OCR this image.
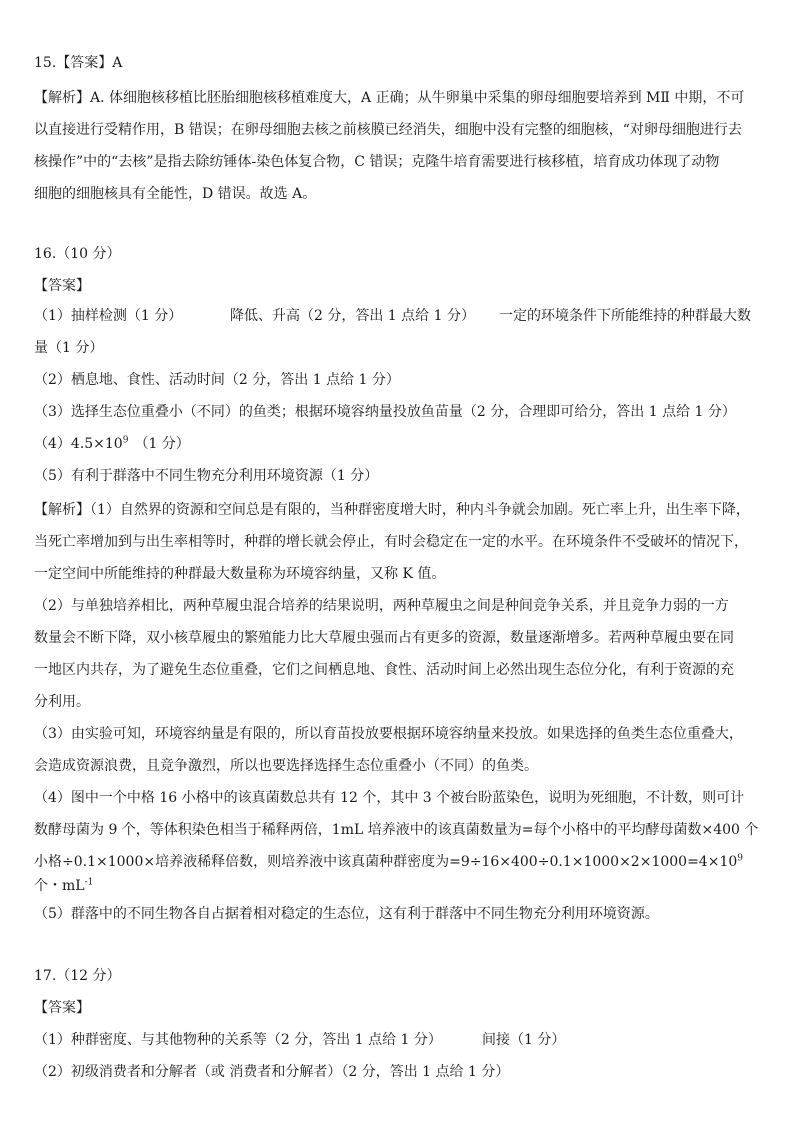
15.【答案】A
【解析】A. 体细胞核移植比胚胎细胞核移植难度大，A 正确；从牛卵巢中采集的卵母细胞要培养到 MⅡ 中期，不可
以直接进行受精作用，B 错误；在卵母细胞去核之前核膜已经消失，细胞中没有完整的细胞核，“对卵母细胞进行去
核操作”中的“去核”是指去除纺锤体-染色体复合物，C 错误；克隆牛培育需要进行核移植，培育成功体现了动物
细胞的细胞核具有全能性，D 错误。故选 A。
16.（10 分）
【答案】
（1）抽样检测（1 分）	降低、升高（2 分，答出 1 点给 1 分） 一定的环境条件下所能维持的种群最大数
量（1 分）
（2）栖息地、食性、活动时间（2 分，答出 1 点给 1 分）
（3）选择生态位重叠小（不同）的鱼类；根据环境容纳量投放鱼苗量（2 分，合理即可给分，答出 1 点给 1 分）
$(4)4.5\times 10^9$ （1 分）
（5）有利于群落中不同生物充分利用环境资源（1 分）
【解析】（1）自然界的资源和空间总是有限的，当种群密度增大时，种内斗争就会加剧。死亡率上升，出生率下降，
当死亡率增加到与出生率相等时，种群的增长就会停止，有时会稳定在一定的水平。在环境条件不受破坏的情况下，
一定空间中所能维持的种群最大数量称为环境容纳量，又称 K 值。
（2）与单独培养相比，两种草履虫混合培养的结果说明，两种草履虫之间是种间竞争关系，并且竞争力弱的一方
数量会不断下降，双小核草履虫的繁殖能力比大草履虫强而占有更多的资源，数量逐渐增多。若两种草履虫要在同
一地区内共存，为了避免生态位重叠，它们之间栖息地、食性、活动时间上必然出现生态位分化，有利于资源的充
分利用。
（3）由实验可知，环境容纳量是有限的，所以育苗投放要根据环境容纳量来投放。如果选择的鱼类生态位重叠大，
会造成资源浪费，且竞争激烈，所以也要选择选择生态位重叠小（不同）的鱼类。
（4）图中一个中格 16 小格中的该真菌数总共有 12 个，其中 3 个被台盼蓝染色，说明为死细胞，不计数，则可计
数酵母菌为 9 个，等体积染色相当于稀释两倍，1mL 培养液中的该真菌数量为=每个小格中的平均酵母菌数×400 个
小格÷0.1×1000×培养液稀释倍数，则培养液中该真菌种群密度为$=9\div 16\times 400\div 0.1\times 1000\times 2\times 1000=4\times 10^9$
个・$mL^{-1}$
（5）群落中的不同生物各自占据着相对稳定的生态位，这有利于群落中不同生物充分利用环境资源。
17.（12 分）
【答案】
（1）种群密度、与其他物种的关系等（2 分，答出 1 点给 1 分）	间接（1 分）
（2）初级消费者和分解者（或 消费者和分解者）（2 分，答出 1 点给 1 分）
